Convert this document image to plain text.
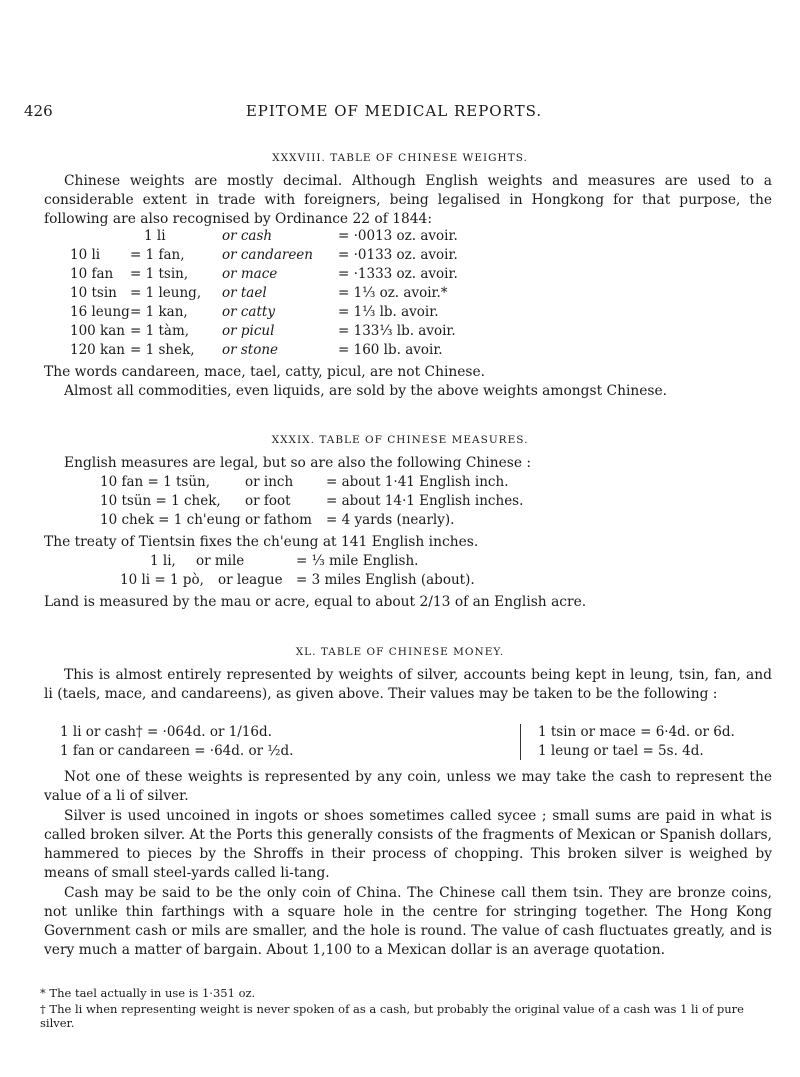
426	EPITOME OF MEDICAL REPORTS.
XXXVIII. TABLE OF CHINESE WEIGHTS.
Chinese weights are mostly decimal. Although English weights and measures are used to a considerable extent in trade with foreigners, being legalised in Hongkong for that purpose, the following are also recognised by Ordinance 22 of 1844:
1 li	or cash	= ·0013 oz. avoir.
10 li = 1 fan,	or candareen = ·0133 oz. avoir.
10 fan = 1 tsin,	or mace	= ·1333 oz. avoir.
10 tsin = 1 leung, or tael	= 1⅓ oz. avoir.*
16 leung = 1 kan,	or catty	= 1⅓ lb. avoir.
100 kan = 1 tàm, or picul	= 133⅓ lb. avoir.
120 kan = 1 shek, or stone	= 160 lb. avoir.
The words candareen, mace, tael, catty, picul, are not Chinese.
Almost all commodities, even liquids, are sold by the above weights amongst Chinese.
XXXIX. TABLE OF CHINESE MEASURES.
English measures are legal, but so are also the following Chinese :
10 fan = 1 tsün,	or inch = about 1·41 English inch.
10 tsün = 1 chek, or foot	= about 14·1 English inches.
10 chek = 1 ch'eung or fathom = 4 yards (nearly).
The treaty of Tientsin fixes the ch'eung at 141 English inches.
1 li, or mile	= ⅓ mile English.
10 li = 1 pò, or league = 3 miles English (about).
Land is measured by the mau or acre, equal to about 2/13 of an English acre.
XL. TABLE OF CHINESE MONEY.
This is almost entirely represented by weights of silver, accounts being kept in leung, tsin, fan, and li (taels, mace, and candareens), as given above. Their values may be taken to be the following :
1 li or cash† = ·064d. or 1/16d.	1 tsin or mace = 6·4d. or 6d.
1 fan or candareen = ·64d. or ½d.	1 leung or tael = 5s. 4d.
Not one of these weights is represented by any coin, unless we may take the cash to represent the value of a li of silver.
Silver is used uncoined in ingots or shoes sometimes called sycee ; small sums are paid in what is called broken silver. At the Ports this generally consists of the fragments of Mexican or Spanish dollars, hammered to pieces by the Shroffs in their process of chopping. This broken silver is weighed by means of small steel-yards called li-tang.
Cash may be said to be the only coin of China. The Chinese call them tsin. They are bronze coins, not unlike thin farthings with a square hole in the centre for stringing together. The Hong Kong Government cash or mils are smaller, and the hole is round. The value of cash fluctuates greatly, and is very much a matter of bargain. About 1,100 to a Mexican dollar is an average quotation.
* The tael actually in use is 1·351 oz.
† The li when representing weight is never spoken of as a cash, but probably the original value of a cash was 1 li of pure silver.
